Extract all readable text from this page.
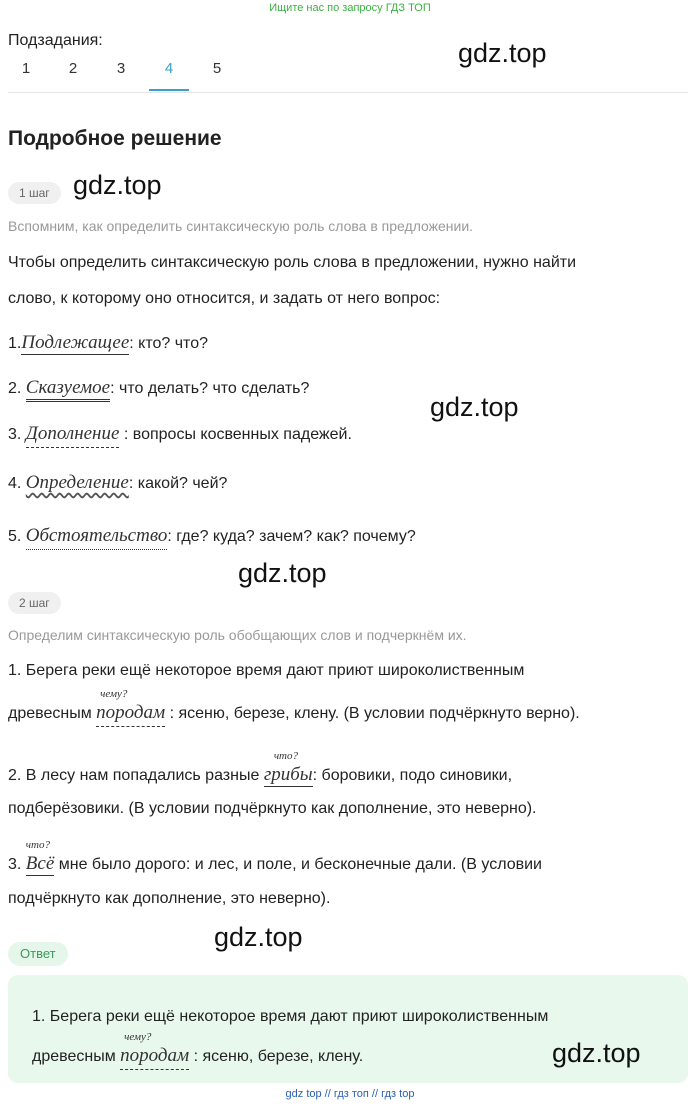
Ищите нас по запросу ГДЗ ТОП
Подзадания:
1	2	3	4	5
gdz.top
Подробное решение
1 шаг gdz.top
Вспомним, как определить синтаксическую роль слова в предложении.
Чтобы определить синтаксическую роль слова в предложении, нужно найти
слово, к которому оно относится, и задать от него вопрос:
1.Подлежащее: кто? что?
2. Сказуемое: что делать? что сделать?
gdz.top
3. Дополнение : вопросы косвенных падежей.
4. Определение: какой? чей?
5. Обстоятельство: где? куда? зачем? как? почему?
gdz.top
2 шаг
Определим синтаксическую роль обобщающих слов и подчеркнём их.
1. Берега реки ещё некоторое время дают приют широколиственным
древесным
чему?
породам : ясеню, березе, клену. (В условии подчёркнуто верно).
2. В лесу нам попадались разные
что?
грибы: боровики, подо синовики,
подберёзовики. (В условии подчёркнуто как дополнение, это неверно).
3.
что?
Всё мне было дорого: и лес, и поле, и бесконечные дали. (В условии
подчёркнуто как дополнение, это неверно).
gdz.top
Ответ
1. Берега реки ещё некоторое время дают приют широколиственным
древесным
чему?
породам : ясеню, березе, клену.	gdz.top
gdz top // гдз топ // гдз top
